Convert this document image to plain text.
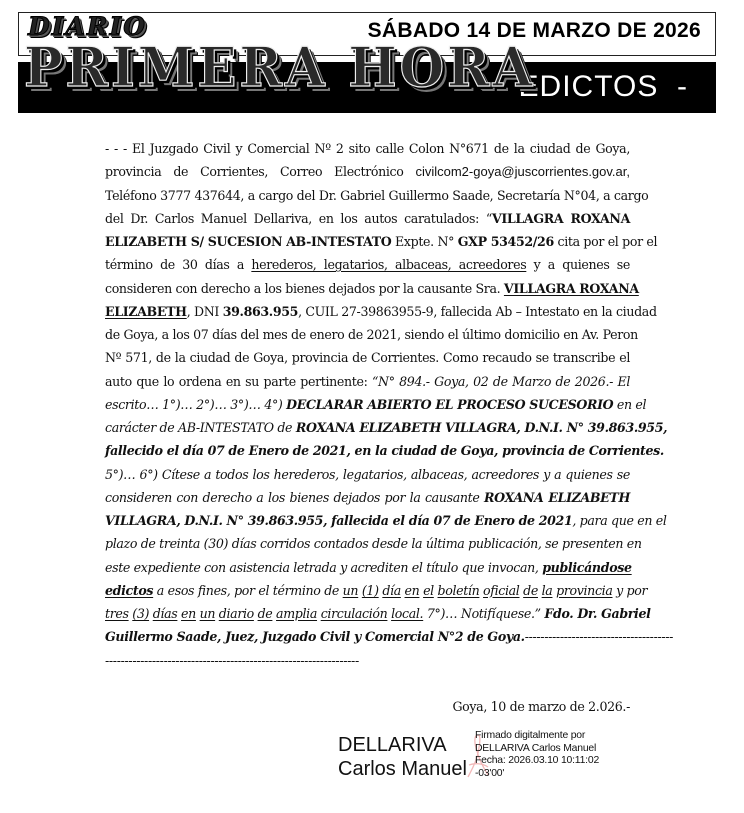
SÁBADO 14 DE MARZO DE 2026
-   EDICTOS  -
DIARIO
PRIMERA HORA
- - - El Juzgado Civil y Comercial Nº 2 sito calle Colon N°671 de la ciudad de Goya,
provincia de Corrientes, Correo Electrónico civilcom2-goya@juscorrientes.gov.ar,
Teléfono 3777 437644, a cargo del Dr. Gabriel Guillermo Saade, Secretaría N°04, a cargo
del Dr. Carlos Manuel Dellariva, en los autos caratulados: “VILLAGRA ROXANA
ELIZABETH S/ SUCESION AB-INTESTATO Expte. N° GXP 53452/26 cita por el por el
término de 30 días a herederos, legatarios, albaceas, acreedores y a quienes se
consideren con derecho a los bienes dejados por la causante Sra. VILLAGRA ROXANA
ELIZABETH, DNI 39.863.955, CUIL 27-39863955-9, fallecida Ab – Intestato en la ciudad
de Goya, a los 07 días del mes de enero de 2021, siendo el último domicilio en Av. Peron
Nº 571, de la ciudad de Goya, provincia de Corrientes. Como recaudo se transcribe el
auto que lo ordena en su parte pertinente: “N° 894.- Goya, 02 de Marzo de 2026.- El
escrito… 1°)… 2°)… 3°)… 4°) DECLARAR ABIERTO EL PROCESO SUCESORIO en el
carácter de AB-INTESTATO de ROXANA ELIZABETH VILLAGRA, D.N.I. N° 39.863.955,
fallecido el día 07 de Enero de 2021, en la ciudad de Goya, provincia de Corrientes.
5°)… 6°) Cítese a todos los herederos, legatarios, albaceas, acreedores y a quienes se
consideren con derecho a los bienes dejados por la causante ROXANA ELIZABETH
VILLAGRA, D.N.I. N° 39.863.955, fallecida el día 07 de Enero de 2021, para que en el
plazo de treinta (30) días corridos contados desde la última publicación, se presenten en
este expediente con asistencia letrada y acrediten el título que invocan, publicándose
edictos a esos fines, por el término de un (1) día en el boletín oficial de la provincia y por
tres (3) días en un diario de amplia circulación local. 7°)… Notifíquese.” Fdo. Dr. Gabriel
Guillermo Saade, Juez, Juzgado Civil y Comercial N°2 de Goya.--------------------------------------
-----------------------------------------------------------------
Goya, 10 de marzo de 2.026.-
DELLARIVA
Carlos Manuel
Firmado digitalmente por
DELLARIVA Carlos Manuel
Fecha: 2026.03.10 10:11:02
-03'00'
